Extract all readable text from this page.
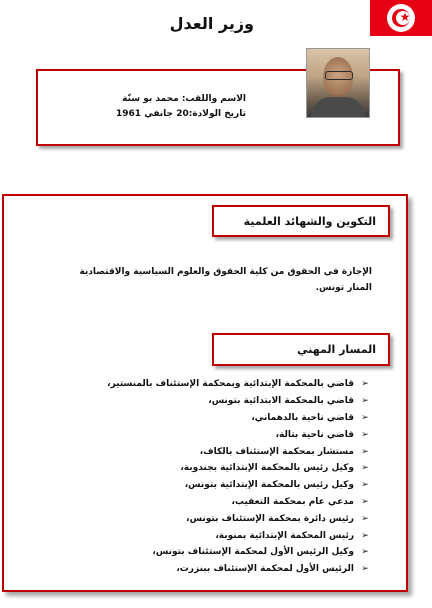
★
وزير العدل
الاسم واللقب: محمد بو سنّة
تاريخ الولادة:20 جانفي 1961
التكوين والشهائد العلمية
الإجازة في الحقوق من كلية الحقوق والعلوم السياسية والاقتصادية المنار تونس.
المسار المهني
➢
قاضي بالمحكمة الإبتدائية وبمحكمة الإستئناف بالمنستير،
➢
قاضي بالمحكمة الابتدائية بتونس،
➢
قاضي ناحية بالدهماني،
➢
قاضي ناحية بتالة،
➢
مستشار بمحكمة الإستئناف بالكاف،
➢
وكيل رئيس بالمحكمة الإبتدائية بجندوبة،
➢
وكيل رئيس بالمحكمة الإبتدائية بتونس،
➢
مدعي عام بمحكمة التعقيب،
➢
رئيس دائرة بمحكمة الإستئناف بتونس،
➢
رئيس المحكمة الإبتدائية بمنوبة،
➢
وكيل الرئيس الأول لمحكمة الإستئناف بتونس،
➢
الرئيس الأول لمحكمة الإستئناف ببنزرت،
